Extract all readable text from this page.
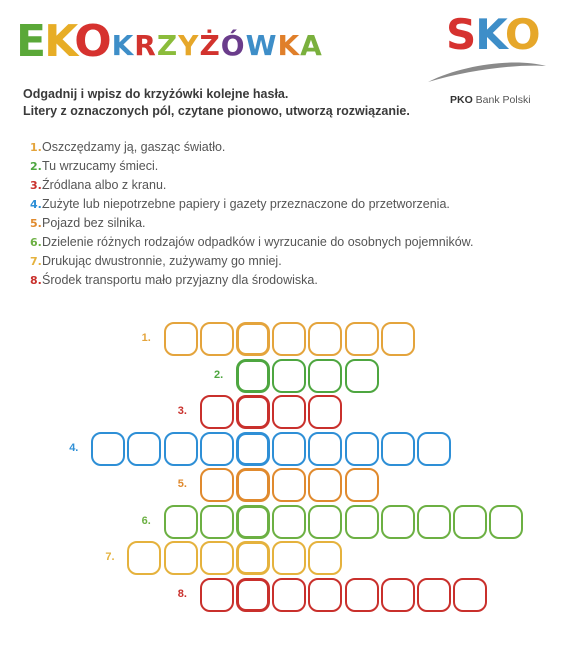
EKO KRZYŻÓWKA	SKO
PKO Bank Polski
Odgadnij i wpisz do krzyżówki kolejne hasła.
Litery z oznaczonych pól, czytane pionowo, utworzą rozwiązanie.
1.Oszczędzamy ją, gasząc światło.
2.Tu wrzucamy śmieci.
3.Źródlana albo z kranu.
4.Zużyte lub niepotrzebne papiery i gazety przeznaczone do przetworzenia.
5.Pojazd bez silnika.
6.Dzielenie różnych rodzajów odpadków i wyrzucanie do osobnych pojemników.
7.Drukując dwustronnie, zużywamy go mniej.
8.Środek transportu mało przyjazny dla środowiska.
1.
2.
3.
4.
5.
6.
7.
8.
